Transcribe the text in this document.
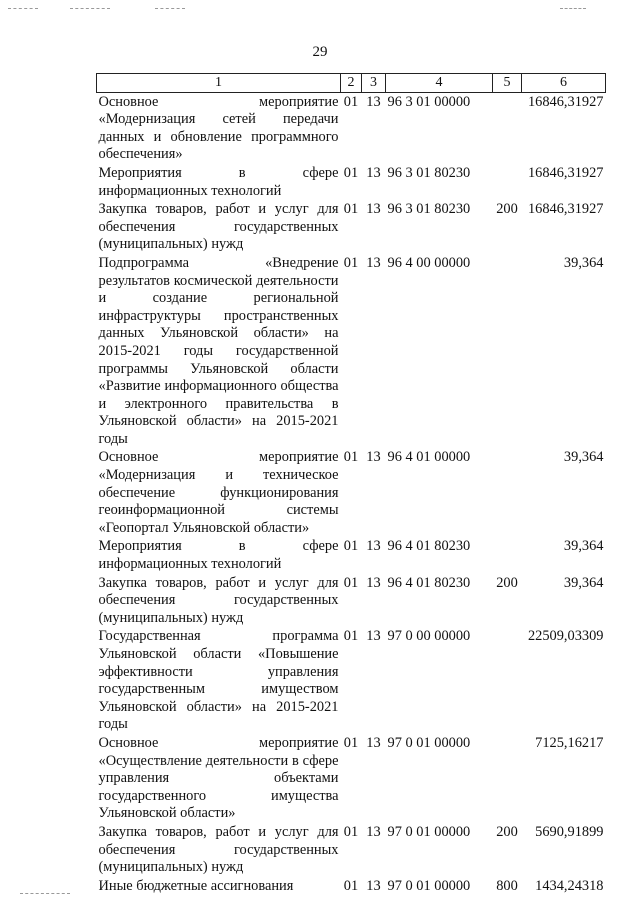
29
1	2	3	4	5	6
Основное мероприятие «Модернизация сетей передачи данных и обновление программного обеспечения»	01	13	96 3 01 00000		16846,31927
Мероприятия в сфере информационных технологий	01	13	96 3 01 80230		16846,31927
Закупка товаров, работ и услуг для обеспечения государственных (муниципальных) нужд	01	13	96 3 01 80230	200	16846,31927
Подпрограмма «Внедрение результатов космической деятельности и создание региональной инфраструктуры пространственных данных Ульяновской области» на 2015-2021 годы государственной программы Ульяновской области «Развитие информационного общества и электронного правительства в Ульяновской области» на 2015-2021 годы	01	13	96 4 00 00000		39,364
Основное мероприятие «Модернизация и техническое обеспечение функционирования геоинформационной системы «Геопортал Ульяновской области»	01	13	96 4 01 00000		39,364
Мероприятия в сфере информационных технологий	01	13	96 4 01 80230		39,364
Закупка товаров, работ и услуг для обеспечения государственных (муниципальных) нужд	01	13	96 4 01 80230	200	39,364
Государственная программа Ульяновской области «Повышение эффективности управления государственным имуществом Ульяновской области» на 2015-2021 годы	01	13	97 0 00 00000		22509,03309
Основное мероприятие «Осуществление деятельности в сфере управления объектами государственного имущества Ульяновской области»	01	13	97 0 01 00000		7125,16217
Закупка товаров, работ и услуг для обеспечения государственных (муниципальных) нужд	01	13	97 0 01 00000	200	5690,91899
Иные бюджетные ассигнования	01	13	97 0 01 00000	800	1434,24318
